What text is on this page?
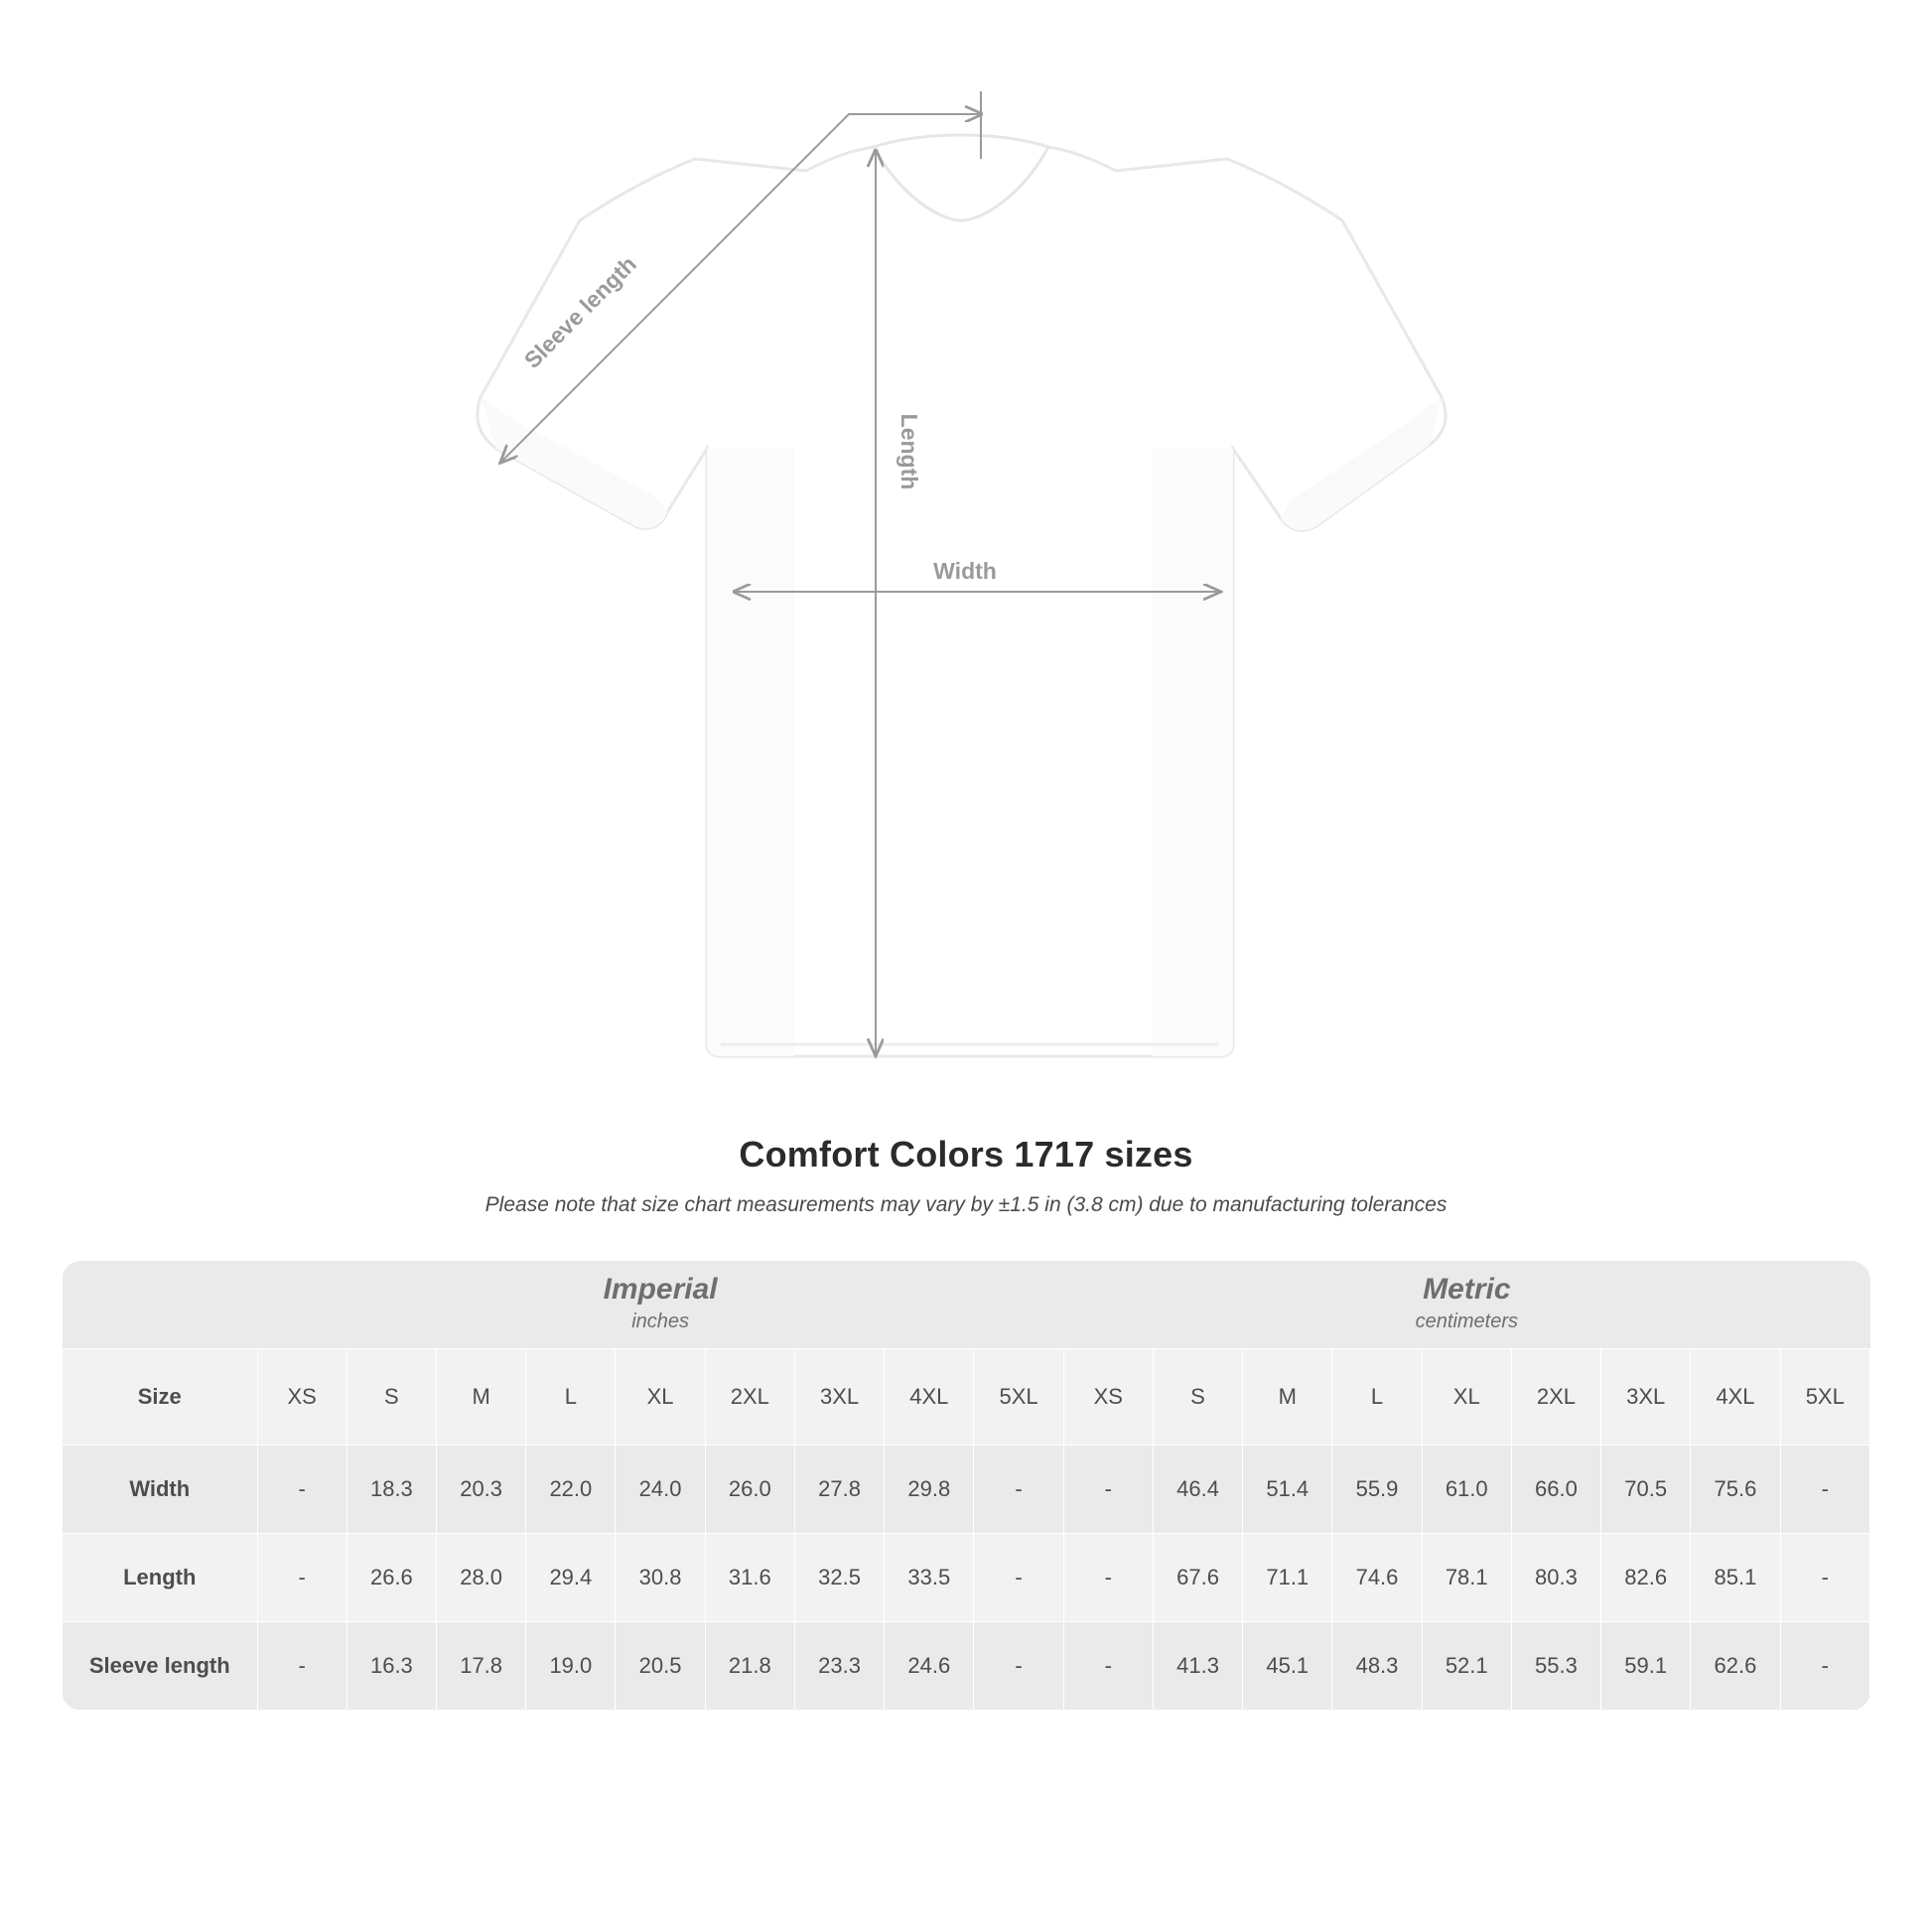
Length
Width
Sleeve length
Comfort Colors 1717 sizes

Please note that size chart measurements may vary by ±1.5 in (3.8 cm) due to manufacturing tolerances

Imperial
inches

Metric
centimeters

Size	XS	S	M	L	XL	2XL	3XL	4XL	5XL	XS	S	M	L	XL	2XL	3XL	4XL	5XL
Width	-	18.3	20.3	22.0	24.0	26.0	27.8	29.8	-	-	46.4	51.4	55.9	61.0	66.0	70.5	75.6	-
Length	-	26.6	28.0	29.4	30.8	31.6	32.5	33.5	-	-	67.6	71.1	74.6	78.1	80.3	82.6	85.1	-
Sleeve length	-	16.3	17.8	19.0	20.5	21.8	23.3	24.6	-	-	41.3	45.1	48.3	52.1	55.3	59.1	62.6	-
